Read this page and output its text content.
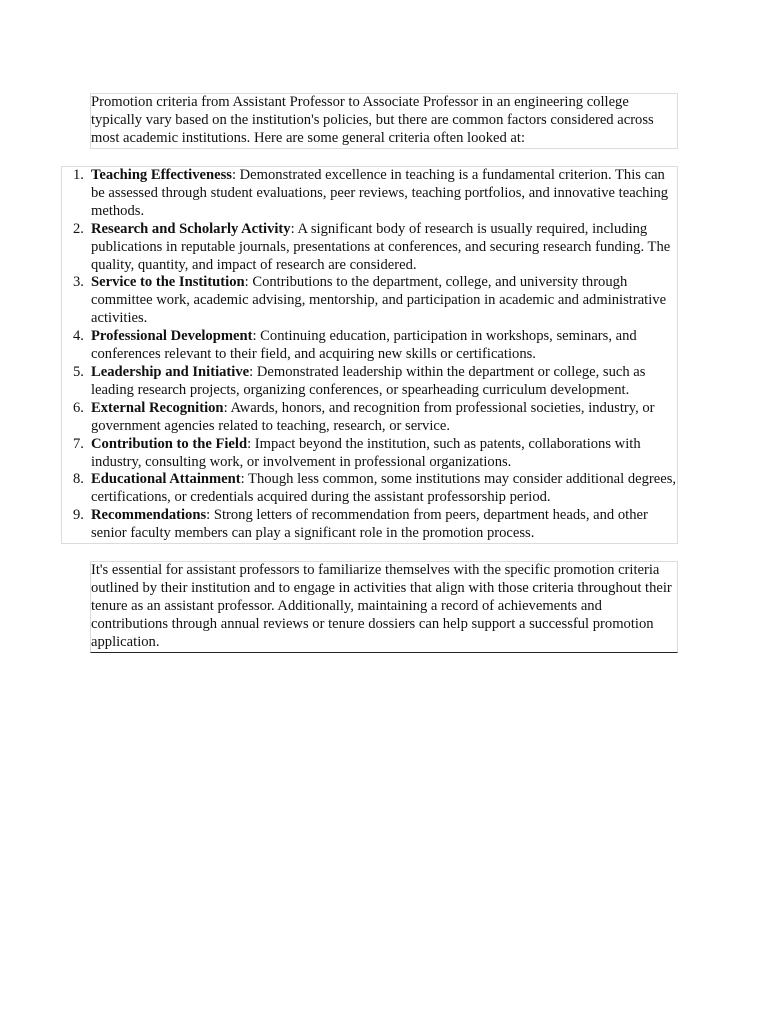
Promotion criteria from Assistant Professor to Associate Professor in an engineering college typically vary based on the institution's policies, but there are common factors considered across most academic institutions. Here are some general criteria often looked at:
1. Teaching Effectiveness: Demonstrated excellence in teaching is a fundamental criterion. This can be assessed through student evaluations, peer reviews, teaching portfolios, and innovative teaching methods.
2. Research and Scholarly Activity: A significant body of research is usually required, including publications in reputable journals, presentations at conferences, and securing research funding. The quality, quantity, and impact of research are considered.
3. Service to the Institution: Contributions to the department, college, and university through committee work, academic advising, mentorship, and participation in academic and administrative activities.
4. Professional Development: Continuing education, participation in workshops, seminars, and conferences relevant to their field, and acquiring new skills or certifications.
5. Leadership and Initiative: Demonstrated leadership within the department or college, such as leading research projects, organizing conferences, or spearheading curriculum development.
6. External Recognition: Awards, honors, and recognition from professional societies, industry, or government agencies related to teaching, research, or service.
7. Contribution to the Field: Impact beyond the institution, such as patents, collaborations with industry, consulting work, or involvement in professional organizations.
8. Educational Attainment: Though less common, some institutions may consider additional degrees, certifications, or credentials acquired during the assistant professorship period.
9. Recommendations: Strong letters of recommendation from peers, department heads, and other senior faculty members can play a significant role in the promotion process.
It's essential for assistant professors to familiarize themselves with the specific promotion criteria outlined by their institution and to engage in activities that align with those criteria throughout their tenure as an assistant professor. Additionally, maintaining a record of achievements and contributions through annual reviews or tenure dossiers can help support a successful promotion application.
